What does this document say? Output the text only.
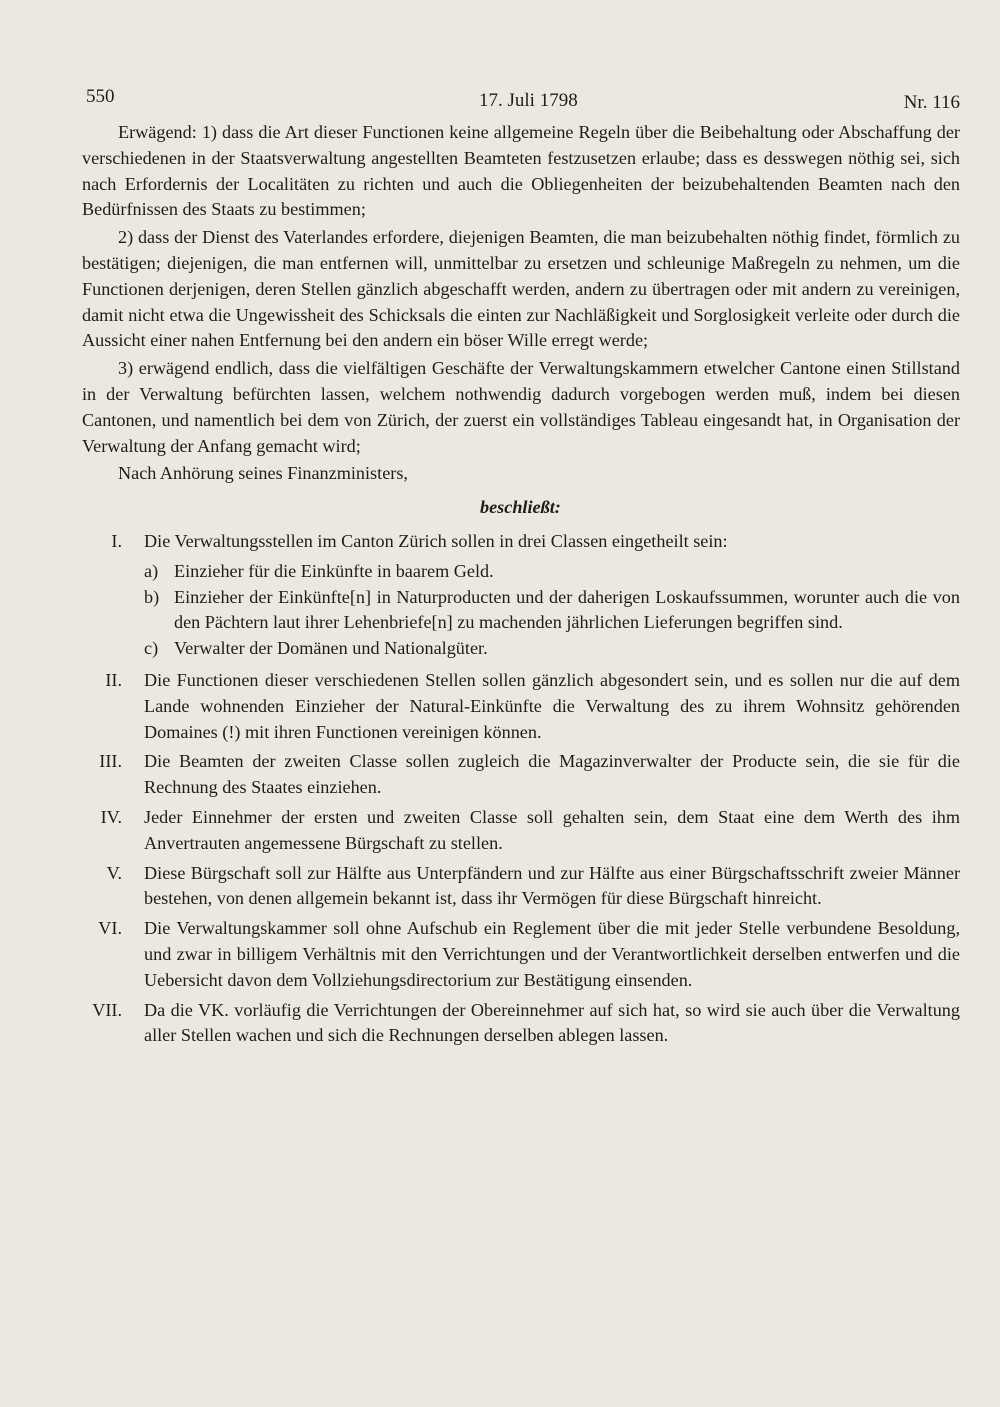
550	17. Juli 1798	Nr. 116

Erwägend: 1) dass die Art dieser Functionen keine allgemeine Regeln über die Beibehaltung oder Abschaffung der verschiedenen in der Staatsverwaltung angestellten Beamteten festzusetzen erlaube; dass es desswegen nöthig sei, sich nach Erfordernis der Localitäten zu richten und auch die Obliegenheiten der beizubehaltenden Beamten nach den Bedürfnissen des Staats zu bestimmen;

2) dass der Dienst des Vaterlandes erfordere, diejenigen Beamten, die man beizubehalten nöthig findet, förmlich zu bestätigen; diejenigen, die man entfernen will, unmittelbar zu ersetzen und schleunige Maßregeln zu nehmen, um die Functionen derjenigen, deren Stellen gänzlich abgeschafft werden, andern zu übertragen oder mit andern zu vereinigen, damit nicht etwa die Ungewissheit des Schicksals die einten zur Nachläßigkeit und Sorglosigkeit verleite oder durch die Aussicht einer nahen Entfernung bei den andern ein böser Wille erregt werde;

3) erwägend endlich, dass die vielfältigen Geschäfte der Verwaltungskammern etwelcher Cantone einen Stillstand in der Verwaltung befürchten lassen, welchem nothwendig dadurch vorgebogen werden muß, indem bei diesen Cantonen, und namentlich bei dem von Zürich, der zuerst ein vollständiges Tableau eingesandt hat, in Organisation der Verwaltung der Anfang gemacht wird;

Nach Anhörung seines Finanzministers,

beschließt:

I. Die Verwaltungsstellen im Canton Zürich sollen in drei Classen eingetheilt sein:
a) Einzieher für die Einkünfte in baarem Geld.
b) Einzieher der Einkünfte[n] in Naturproducten und der daherigen Loskaufssummen, worunter auch die von den Pächtern laut ihrer Lehenbriefe[n] zu machenden jährlichen Lieferungen begriffen sind.
c) Verwalter der Domänen und Nationalgüter.
II. Die Functionen dieser verschiedenen Stellen sollen gänzlich abgesondert sein, und es sollen nur die auf dem Lande wohnenden Einzieher der Natural-Einkünfte die Verwaltung des zu ihrem Wohnsitz gehörenden Domaines (!) mit ihren Functionen vereinigen können.
III. Die Beamten der zweiten Classe sollen zugleich die Magazinverwalter der Producte sein, die sie für die Rechnung des Staates einziehen.
IV. Jeder Einnehmer der ersten und zweiten Classe soll gehalten sein, dem Staat eine dem Werth des ihm Anvertrauten angemessene Bürgschaft zu stellen.
V. Diese Bürgschaft soll zur Hälfte aus Unterpfändern und zur Hälfte aus einer Bürgschaftsschrift zweier Männer bestehen, von denen allgemein bekannt ist, dass ihr Vermögen für diese Bürgschaft hinreicht.
VI. Die Verwaltungskammer soll ohne Aufschub ein Reglement über die mit jeder Stelle verbundene Besoldung, und zwar in billigem Verhältnis mit den Verrichtungen und der Verantwortlichkeit derselben entwerfen und die Uebersicht davon dem Vollziehungsdirectorium zur Bestätigung einsenden.
VII. Da die VK. vorläufig die Verrichtungen der Obereinnehmer auf sich hat, so wird sie auch über die Verwaltung aller Stellen wachen und sich die Rechnungen derselben ablegen lassen.
